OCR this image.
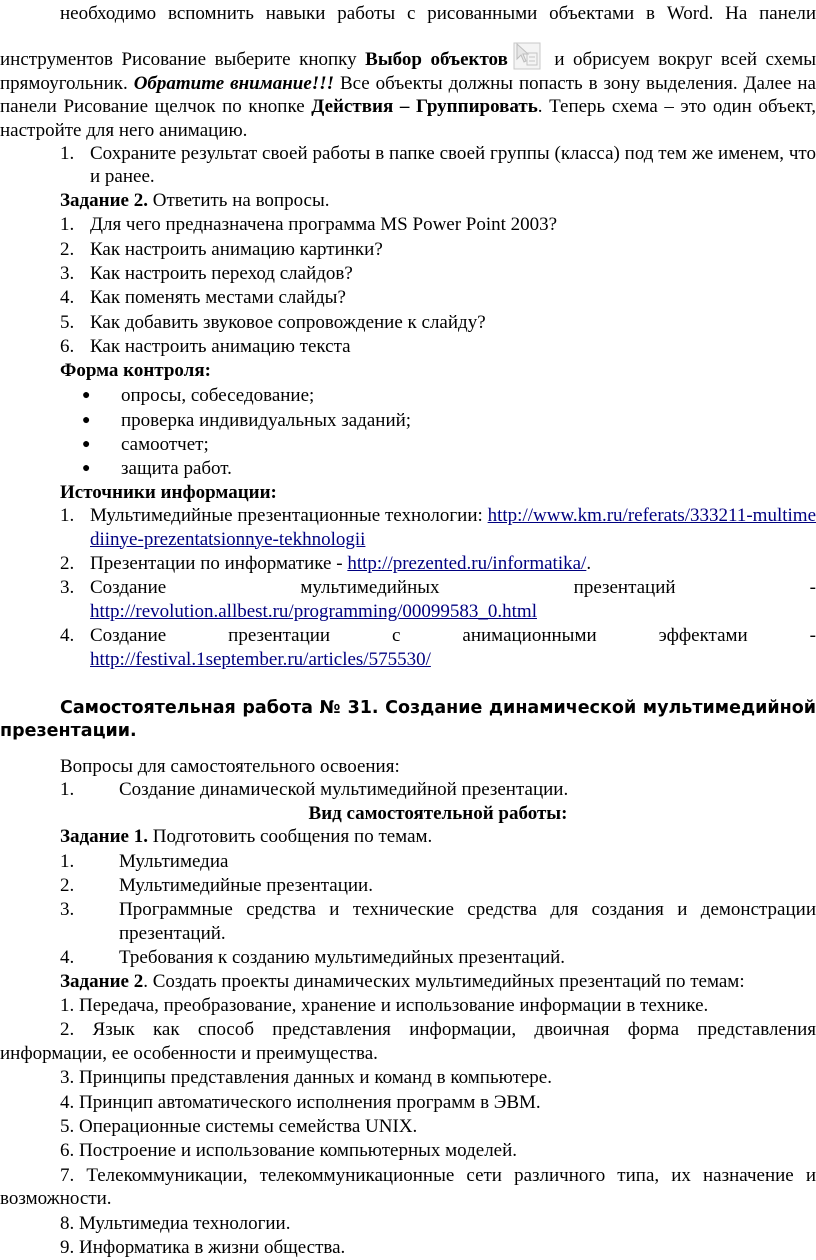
необходимо вспомнить навыки работы с рисованными объектами в Word. На панели

инструментов Рисование выберите кнопку Выбор объектов и обрисуем вокруг всей схемы прямоугольник. Обратите внимание!!! Все объекты должны попасть в зону выделения. Далее на панели Рисование щелчок по кнопке Действия – Группировать. Теперь схема – это один объект, настройте для него анимацию.

1. Сохраните результат своей работы в папке своей группы (класса) под тем же именем, что и ранее.

Задание 2. Ответить на вопросы.

1. Для чего предназначена программа MS Power Point 2003?
2. Как настроить анимацию картинки?
3. Как настроить переход слайдов?
4. Как поменять местами слайды?
5. Как добавить звуковое сопровождение к слайду?
6. Как настроить анимацию текста

Форма контроля:

●	опросы, собеседование;
●	проверка индивидуальных заданий;
●	самоотчет;
●	защита работ.

Источники информации:

1. Мультимедийные презентационные технологии: http://www.km.ru/referats/333211-multimediinye-prezentatsionnye-tekhnologii
2. Презентации по информатике - http://prezented.ru/informatika/.
3. Создание мультимедийных презентаций -
http://revolution.allbest.ru/programming/00099583_0.html
4. Создание презентации с анимационными эффектами -
http://festival.1september.ru/articles/575530/

Самостоятельная работа № 31. Создание динамической мультимедийной презентации.

Вопросы для самостоятельного освоения:

1.	Создание динамической мультимедийной презентации.

Вид самостоятельной работы:

Задание 1. Подготовить сообщения по темам.

1.	Мультимедиа
2.	Мультимедийные презентации.
3.	Программные средства и технические средства для создания и демонстрации презентаций.
4.	Требования к созданию мультимедийных презентаций.

Задание 2. Создать проекты динамических мультимедийных презентаций по темам:

1. Передача, преобразование, хранение и использование информации в технике.

2. Язык как способ представления информации, двоичная форма представления информации, ее особенности и преимущества.

3. Принципы представления данных и команд в компьютере.

4. Принцип автоматического исполнения программ в ЭВМ.

5. Операционные системы семейства UNIX.

6. Построение и использование компьютерных моделей.

7. Телекоммуникации, телекоммуникационные сети различного типа, их назначение и возможности.

8. Мультимедиа технологии.

9. Информатика в жизни общества.
